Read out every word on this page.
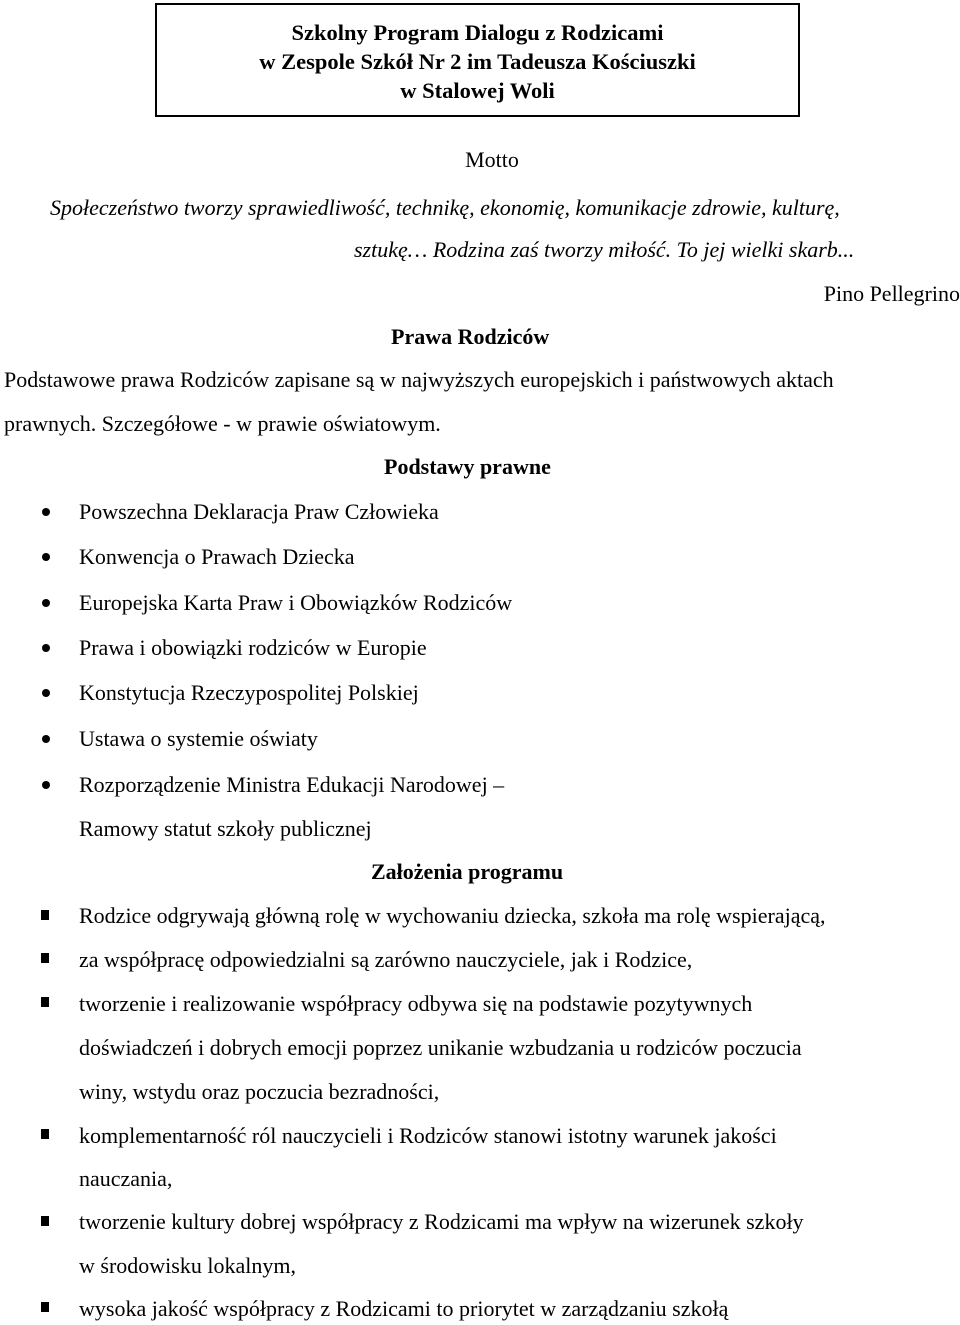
Szkolny Program Dialogu z Rodzicami
w Zespole Szkół Nr 2 im Tadeusza Kościuszki
w Stalowej Woli
Motto
Społeczeństwo tworzy sprawiedliwość, technikę, ekonomię, komunikacje zdrowie, kulturę,
sztukę… Rodzina zaś tworzy miłość. To jej wielki skarb...
Pino Pellegrino
Prawa Rodziców
Podstawowe prawa Rodziców zapisane są w najwyższych europejskich i państwowych aktach
prawnych. Szczegółowe - w prawie oświatowym.
Podstawy prawne
Powszechna Deklaracja Praw Człowieka
Konwencja o Prawach Dziecka
Europejska Karta Praw i Obowiązków Rodziców
Prawa i obowiązki rodziców w Europie
Konstytucja Rzeczypospolitej Polskiej
Ustawa o systemie oświaty
Rozporządzenie Ministra Edukacji Narodowej –
Ramowy statut szkoły publicznej
Założenia programu
Rodzice odgrywają główną rolę w wychowaniu dziecka, szkoła ma rolę wspierającą,
za współpracę odpowiedzialni są zarówno nauczyciele, jak i Rodzice,
tworzenie i realizowanie współpracy odbywa się na podstawie pozytywnych
doświadczeń i dobrych emocji poprzez unikanie wzbudzania u rodziców poczucia
winy, wstydu oraz poczucia bezradności,
komplementarność ról nauczycieli i Rodziców stanowi istotny warunek jakości
nauczania,
tworzenie kultury dobrej współpracy z Rodzicami ma wpływ na wizerunek szkoły
w środowisku lokalnym,
wysoka jakość współpracy z Rodzicami to priorytet w zarządzaniu szkołą
